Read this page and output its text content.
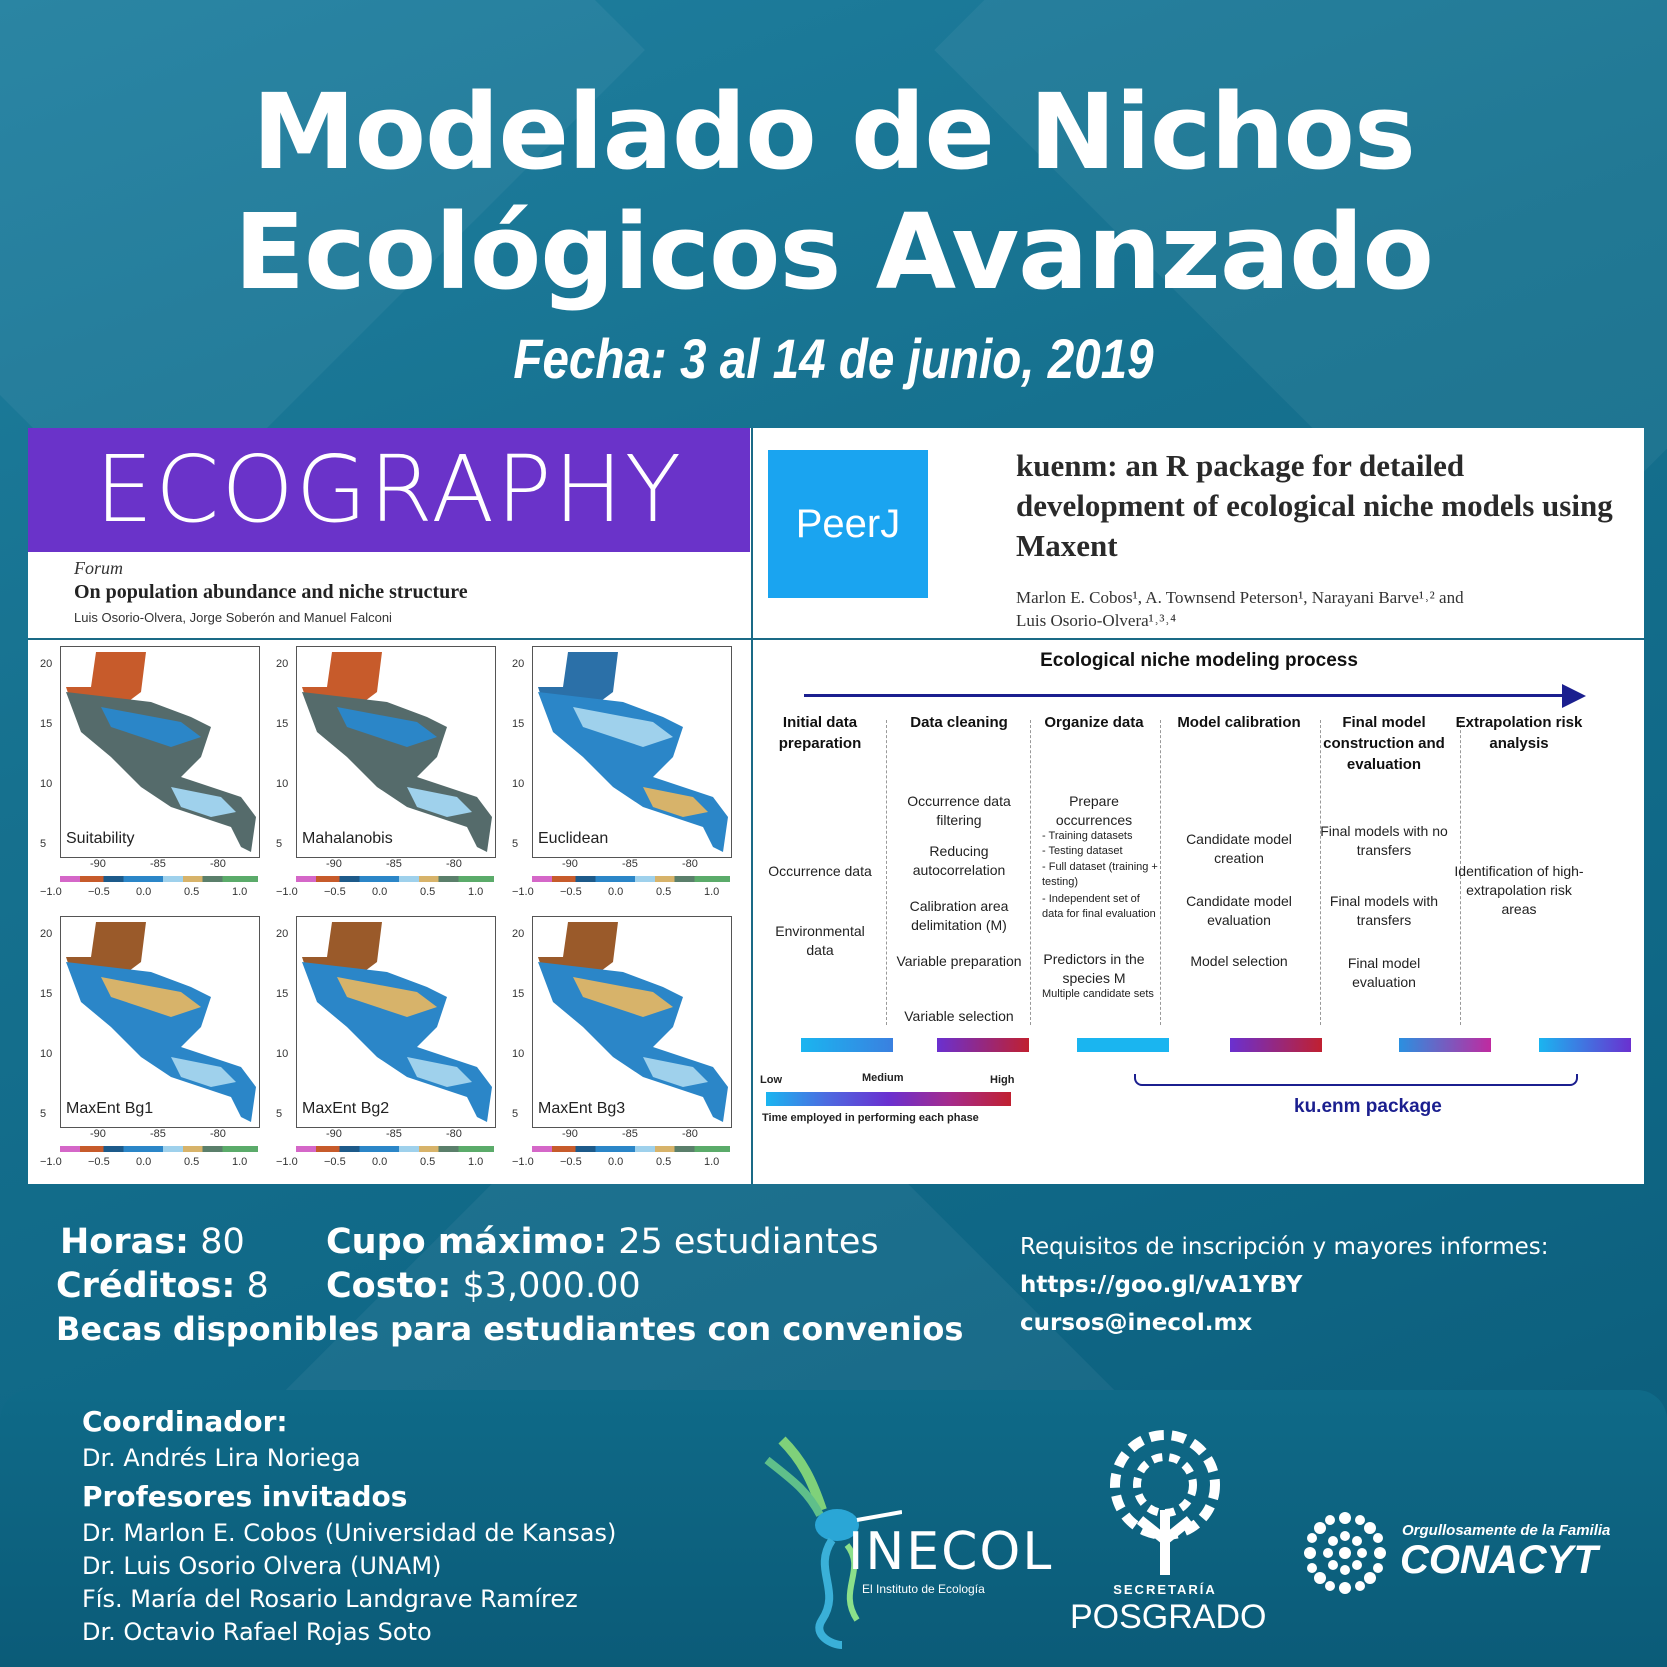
Modelado de Nichos
Ecológicos Avanzado
Fecha: 3 al 14 de junio, 2019
ECOGRAPHY
Forum
On population abundance and niche structure
Luis Osorio-Olvera, Jorge Soberón and Manuel Falconi
PeerJ
kuenm: an R package for detailed development of ecological niche models using Maxent
Marlon E. Cobos¹, A. Townsend Peterson¹, Narayani Barve¹˒² and
Luis Osorio-Olvera¹˒³˒⁴
20
15
10
5
-90	-85	-80
−1.0 −0.5 0.0	0.5	1.0
Suitability
20
15
10
5
-90	-85	-80
−1.0 −0.5 0.0	0.5	1.0
Mahalanobis
20
15
10
5
-90	-85	-80
−1.0 −0.5 0.0	0.5	1.0
Euclidean
20
15
10
5
-90	-85	-80
−1.0 −0.5 0.0	0.5	1.0
MaxEnt Bg1
20
15
10
5
-90	-85	-80
−1.0 −0.5 0.0	0.5	1.0
MaxEnt Bg2
20
15
10
5
-90	-85	-80
−1.0 −0.5 0.0	0.5	1.0
MaxEnt Bg3
Ecological niche modeling process
ku.enm package
Low	Medium	High
Time employed in performing each phase
Initial data preparation
Occurrence data
Environmental data
Data cleaning
Occurrence data filtering
Reducing autocorrelation
Calibration area delimitation (M)
Variable preparation
Variable selection
Organize data
Prepare occurrences
- Training datasets
- Testing dataset
- Full dataset (training + testing)
- Independent set of data for final evaluation
Predictors in the species M
Multiple candidate sets
Model calibration
Candidate model creation
Candidate model evaluation
Model selection
Final model construction and evaluation
Final models with no transfers
Final models with transfers
Final model evaluation
Extrapolation risk analysis
Identification of high-extrapolation risk areas
Horas: 80
Créditos: 8
Cupo máximo: 25 estudiantes
Costo: $3,000.00
Becas disponibles para estudiantes con convenios
Requisitos de inscripción y mayores informes:
https://goo.gl/vA1YBY
cursos@inecol.mx
Coordinador:
Dr. Andrés Lira Noriega
Profesores invitados
Dr. Marlon E. Cobos (Universidad de Kansas)
Dr. Luis Osorio Olvera (UNAM)
Fís. María del Rosario Landgrave Ramírez
Dr. Octavio Rafael Rojas Soto
INECOL
El Instituto de Ecología	SECRETARÍA
POSGRADO
Orgullosamente de la Familia
CONACYT
